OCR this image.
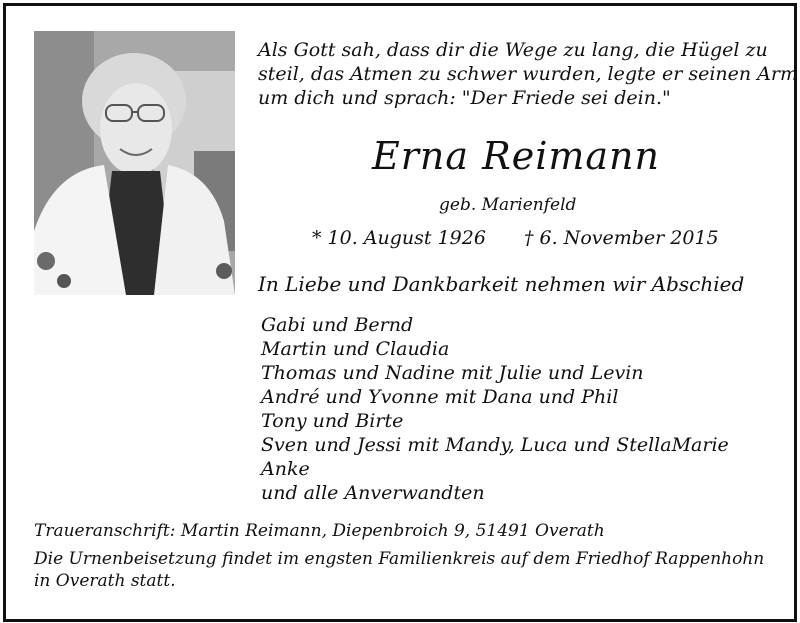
Als Gott sah, dass dir die Wege zu lang, die Hügel zu
steil, das Atmen zu schwer wurden, legte er seinen Arm
um dich und sprach: "Der Friede sei dein."
Erna Reimann
geb. Marienfeld
* 10. August 1926 † 6. November 2015
In Liebe und Dankbarkeit nehmen wir Abschied
Gabi und Bernd
Martin und Claudia
Thomas und Nadine mit Julie und Levin
André und Yvonne mit Dana und Phil
Tony und Birte
Sven und Jessi mit Mandy, Luca und StellaMarie
Anke
und alle Anverwandten
Traueranschrift: Martin Reimann, Diepenbroich 9, 51491 Overath
Die Urnenbeisetzung findet im engsten Familienkreis auf dem Friedhof Rappenhohn
in Overath statt.
